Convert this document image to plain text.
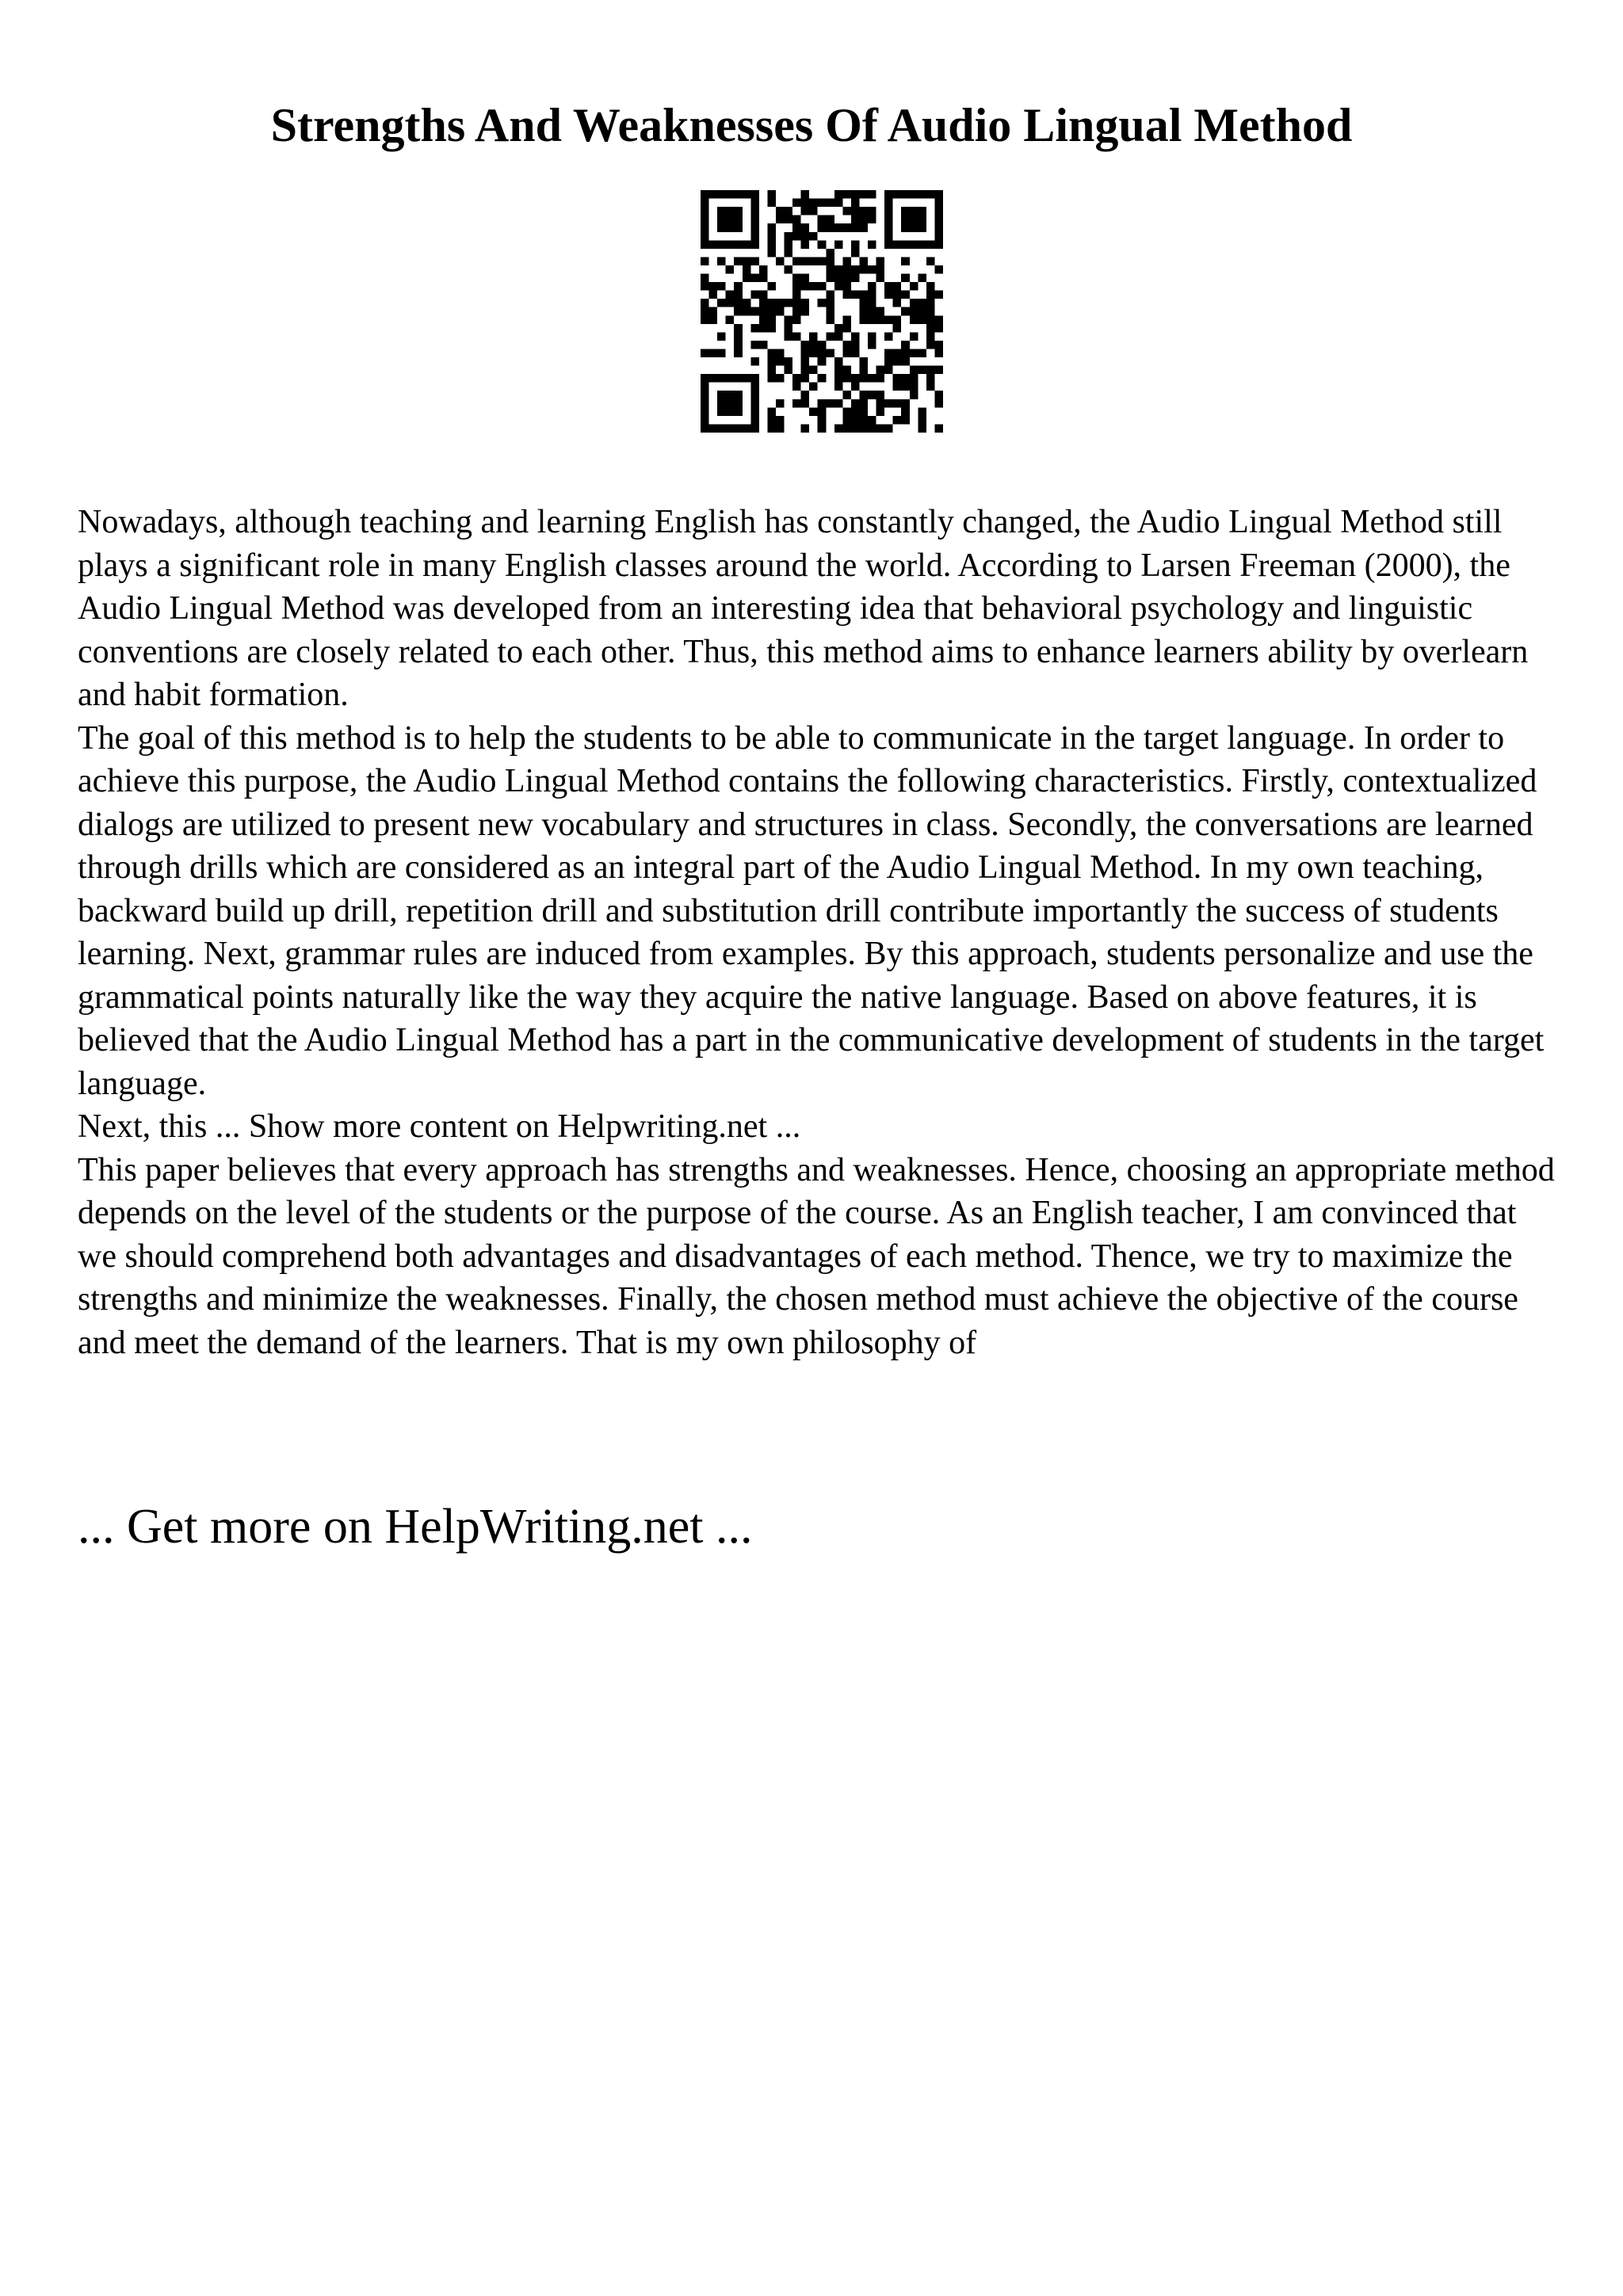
Strengths And Weaknesses Of Audio Lingual Method

Nowadays, although teaching and learning English has constantly changed, the Audio Lingual Method still plays a significant role in many English classes around the world. According to Larsen Freeman (2000), the Audio Lingual Method was developed from an interesting idea that behavioral psychology and linguistic conventions are closely related to each other. Thus, this method aims to enhance learners ability by overlearn and habit formation.

The goal of this method is to help the students to be able to communicate in the target language. In order to achieve this purpose, the Audio Lingual Method contains the following characteristics. Firstly, contextualized dialogs are utilized to present new vocabulary and structures in class. Secondly, the conversations are learned through drills which are considered as an integral part of the Audio Lingual Method. In my own teaching, backward build up drill, repetition drill and substitution drill contribute importantly the success of students learning. Next, grammar rules are induced from examples. By this approach, students personalize and use the grammatical points naturally like the way they acquire the native language. Based on above features, it is believed that the Audio Lingual Method has a part in the communicative development of students in the target language.

Next, this ... Show more content on Helpwriting.net ...

This paper believes that every approach has strengths and weaknesses. Hence, choosing an appropriate method depends on the level of the students or the purpose of the course. As an English teacher, I am convinced that we should comprehend both advantages and disadvantages of each method. Thence, we try to maximize the strengths and minimize the weaknesses. Finally, the chosen method must achieve the objective of the course and meet the demand of the learners. That is my own philosophy of

... Get more on HelpWriting.net ...
